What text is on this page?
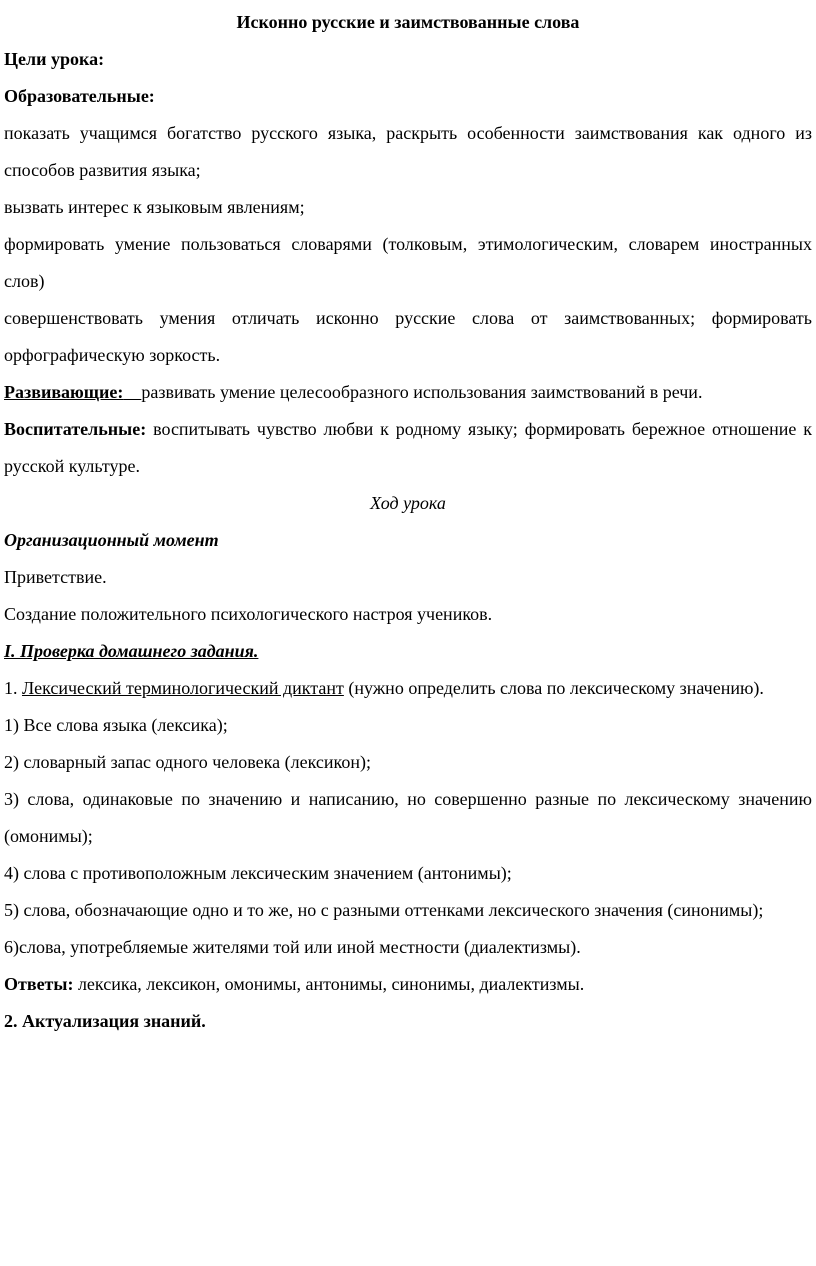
Исконно русские и заимствованные слова
Цели урока:
Образовательные:
показать учащимся богатство русского языка, раскрыть особенности заимствования как одного из способов развития языка;
вызвать интерес к языковым явлениям;
формировать умение пользоваться словарями (толковым, этимологическим, словарем иностранных слов)
совершенствовать умения отличать исконно русские слова от заимствованных; формировать орфографическую зоркость.
Развивающие: развивать умение целесообразного использования заимствований в речи.
Воспитательные: воспитывать чувство любви к родному языку; формировать бережное отношение к русской культуре.
Ход урока
Организационный момент
Приветствие.
Создание положительного психологического настроя учеников.
I. Проверка домашнего задания.
1. Лексический терминологический диктант (нужно определить слова по лексическому значению).
1) Все слова языка (лексика);
2) словарный запас одного человека (лексикон);
3) слова, одинаковые по значению и написанию, но совершенно разные по лексическому значению (омонимы);
4) слова с противоположным лексическим значением (антонимы);
5) слова, обозначающие одно и то же, но с разными оттенками лексического значения (синонимы);
6)слова, употребляемые жителями той или иной местности (диалектизмы).
Ответы: лексика, лексикон, омонимы, антонимы, синонимы, диалектизмы.
2. Актуализация знаний.
